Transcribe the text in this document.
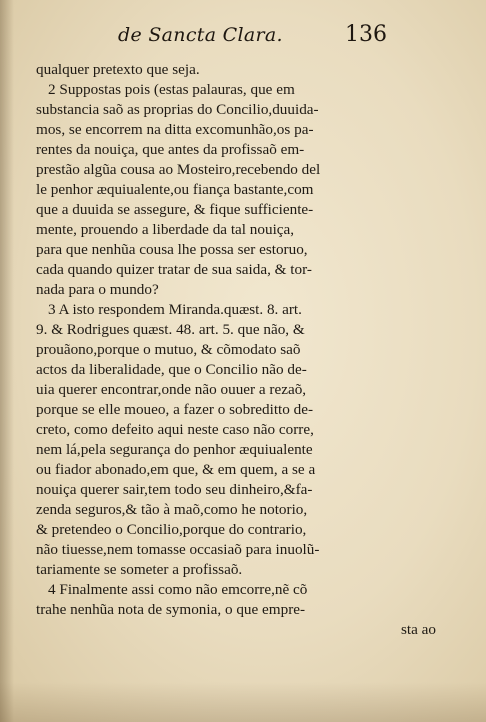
de Sancta Clara.	136
qualquer pretexto que seja.
2 Suppostas pois (estas palauras, que em
substancia saõ as proprias do Concilio,duuida-
mos, se encorrem na ditta excomunhão,os pa-
rentes da nouiça, que antes da profissaõ em-
prestão algũa cousa ao Mosteiro,recebendo del
le penhor æquiualente,ou fiança bastante,com
que a duuida se assegure, & fique sufficiente-
mente, prouendo a liberdade da tal nouiça,
para que nenhũa cousa lhe possa ser estoruo,
cada quando quizer tratar de sua saida, & tor-
nada para o mundo?
3 A isto respondem Miranda.quæst. 8. art.
9. & Rodrigues quæst. 48. art. 5. que não, &
prouãono,porque o mutuo, & cõmodato saõ
actos da liberalidade, que o Concilio não de-
uia querer encontrar,onde não ouuer a rezaõ,
porque se elle moueo, a fazer o sobreditto de-
creto, como defeito aqui neste caso não corre,
nem lá,pela segurança do penhor æquiualente
ou fiador abonado,em que, & em quem, a se a
nouiça querer sair,tem todo seu dinheiro,&fa-
zenda seguros,& tão à maõ,como he notorio,
& pretendeo o Concilio,porque do contrario,
não tiuesse,nem tomasse occasiaõ para inuolũ-
tariamente se someter a profissaõ.
4 Finalmente assi como não emcorre,nẽ cõ
trahe nenhũa nota de symonia, o que empre-
sta ao
